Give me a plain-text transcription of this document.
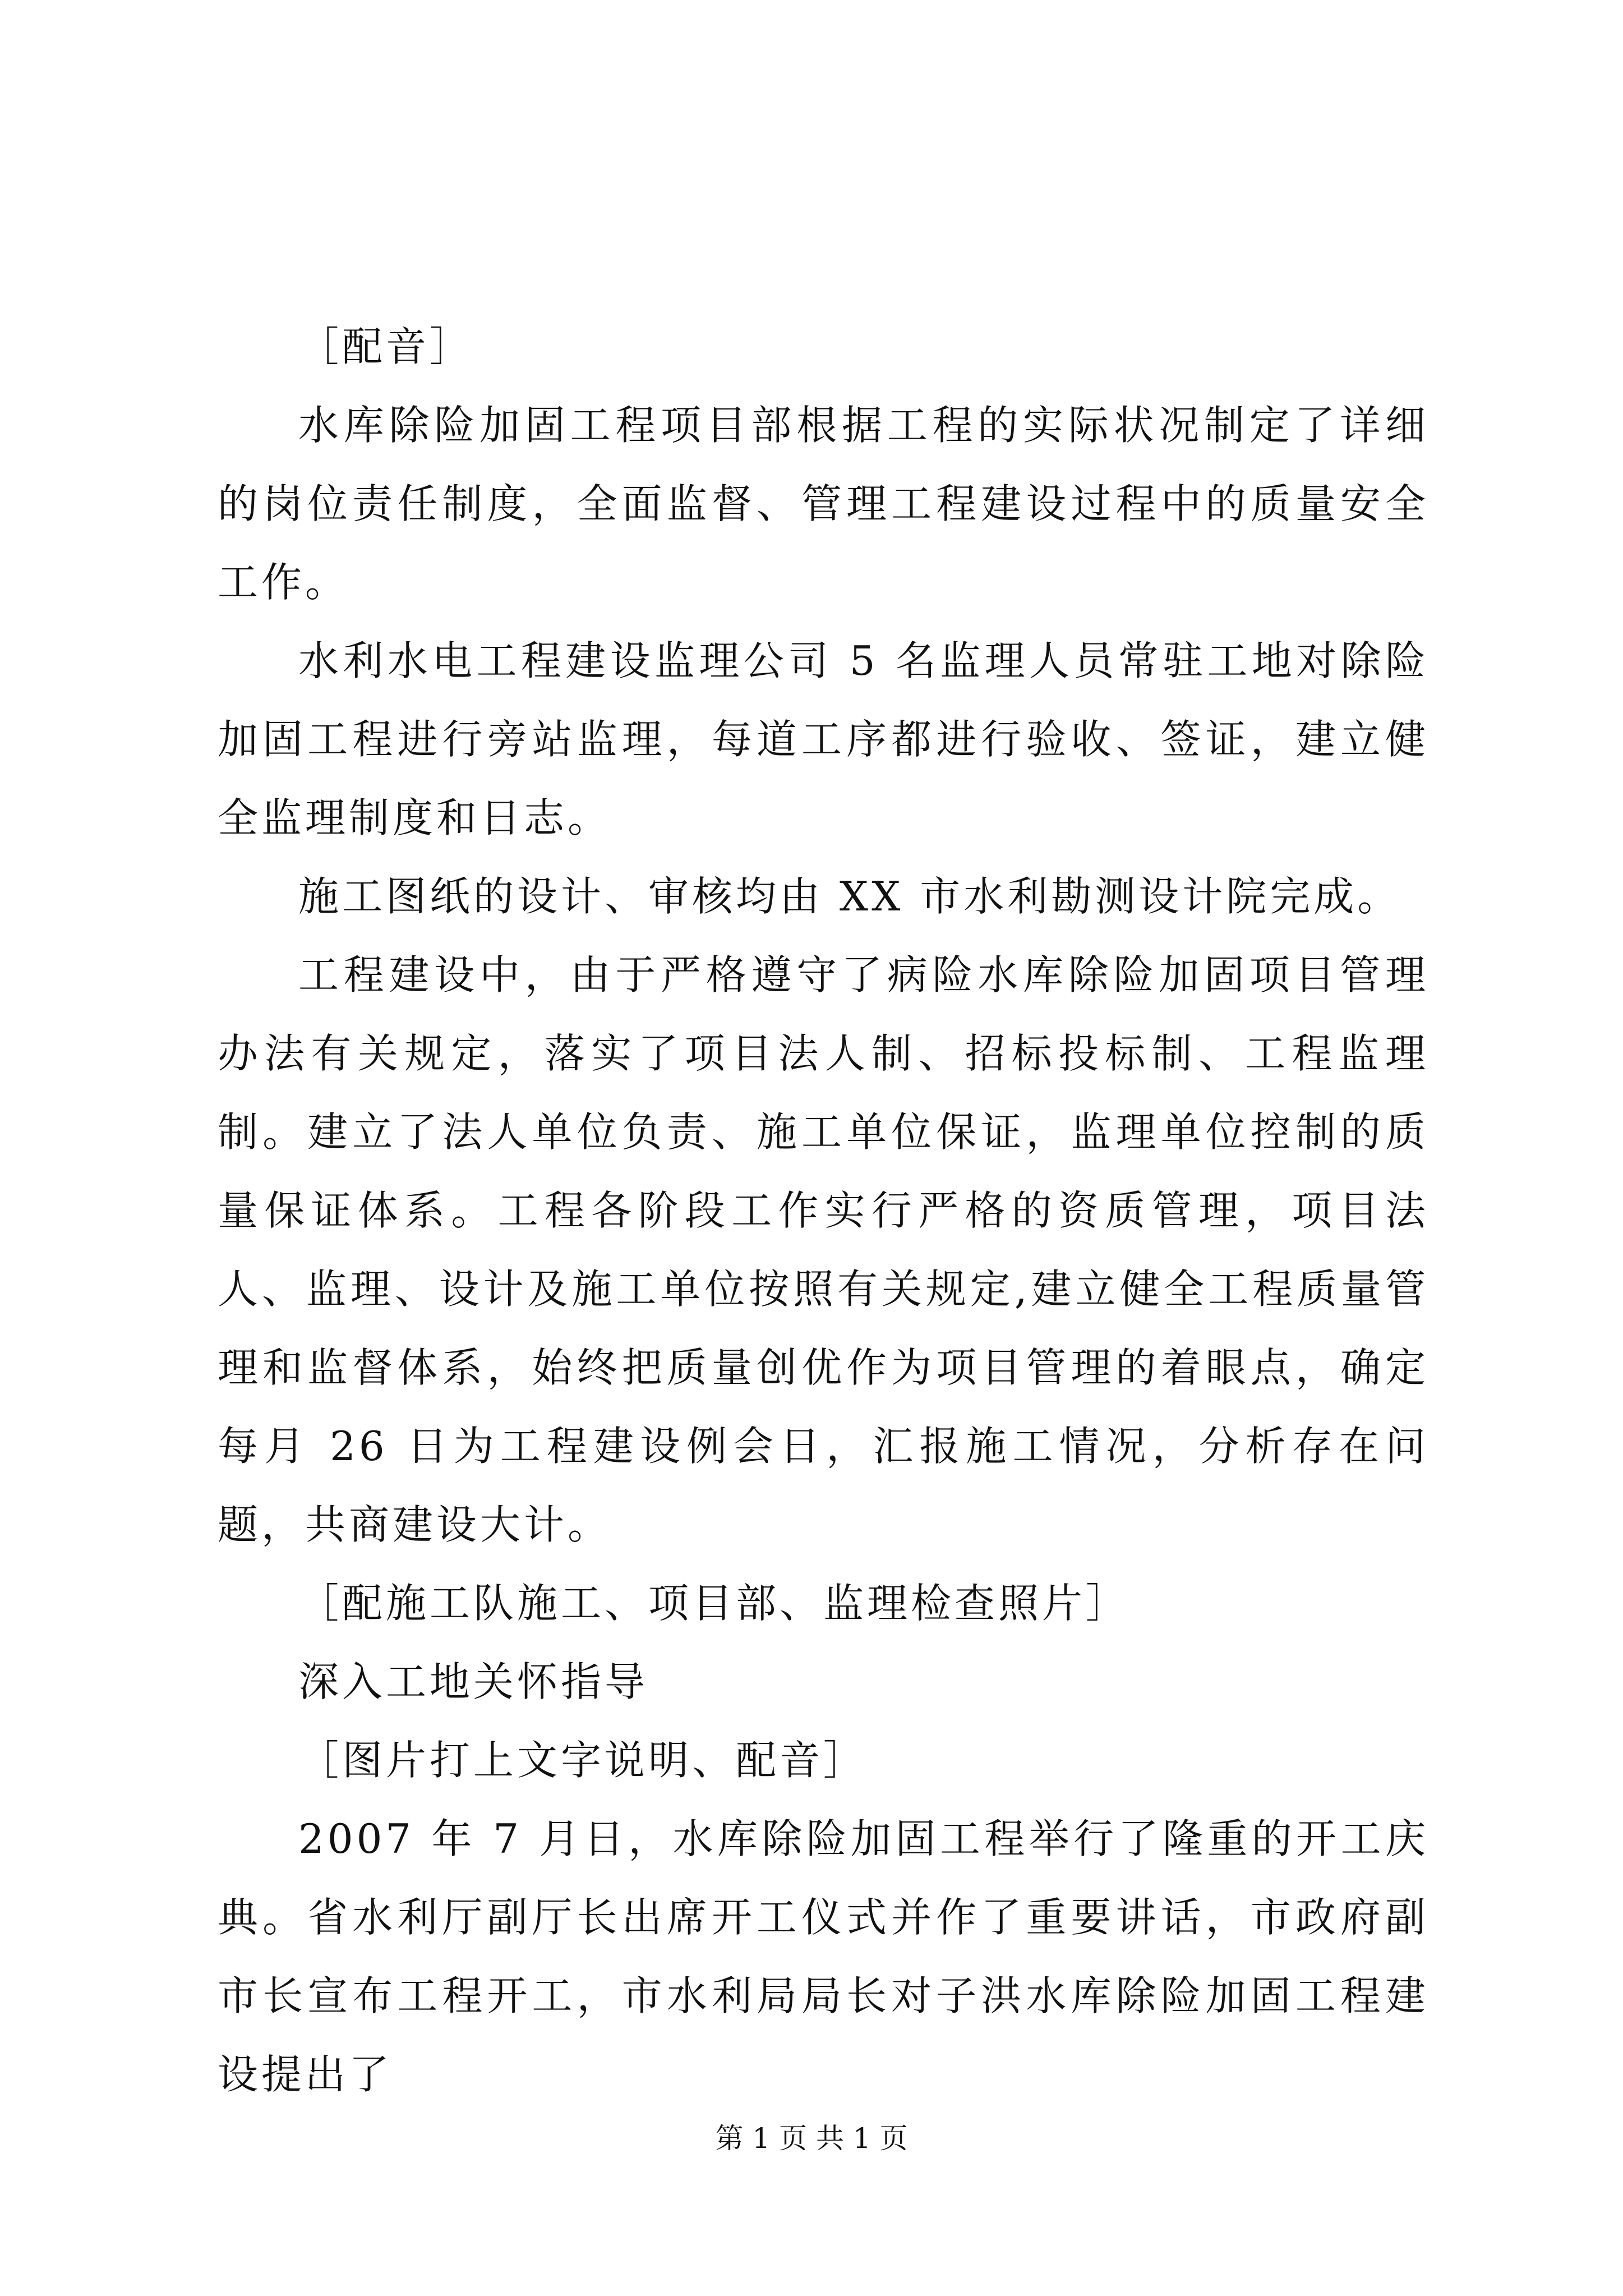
［配音］

水库除险加固工程项目部根据工程的实际状况制定了详细的岗位责任制度，全面监督、管理工程建设过程中的质量安全工作。

水利水电工程建设监理公司 5 名监理人员常驻工地对除险加固工程进行旁站监理，每道工序都进行验收、签证，建立健全监理制度和日志。

施工图纸的设计、审核均由 XX 市水利勘测设计院完成。

工程建设中，由于严格遵守了病险水库除险加固项目管理办法有关规定，落实了项目法人制、招标投标制、工程监理制。建立了法人单位负责、施工单位保证，监理单位控制的质量保证体系。工程各阶段工作实行严格的资质管理，项目法人、监理、设计及施工单位按照有关规定,建立健全工程质量管理和监督体系，始终把质量创优作为项目管理的着眼点，确定每月 26 日为工程建设例会日，汇报施工情况，分析存在问题，共商建设大计。

［配施工队施工、项目部、监理检查照片］

深入工地关怀指导

［图片打上文字说明、配音］

2007 年 7 月日，水库除险加固工程举行了隆重的开工庆典。省水利厅副厅长出席开工仪式并作了重要讲话，市政府副市长宣布工程开工，市水利局局长对子洪水库除险加固工程建设提出了

第 1 页 共 1 页
